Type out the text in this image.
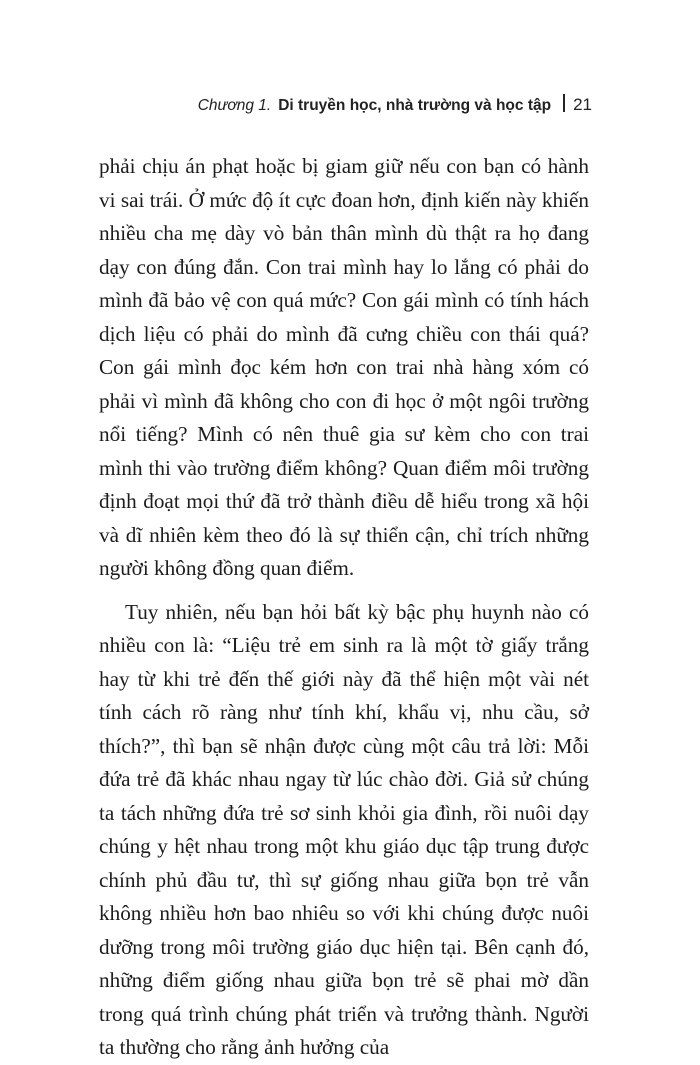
Chương 1. Di truyền học, nhà trường và học tập 21

phải chịu án phạt hoặc bị giam giữ nếu con bạn có hành vi sai trái. Ở mức độ ít cực đoan hơn, định kiến này khiến nhiều cha mẹ dày vò bản thân mình dù thật ra họ đang dạy con đúng đắn. Con trai mình hay lo lắng có phải do mình đã bảo vệ con quá mức? Con gái mình có tính hách dịch liệu có phải do mình đã cưng chiều con thái quá? Con gái mình đọc kém hơn con trai nhà hàng xóm có phải vì mình đã không cho con đi học ở một ngôi trường nổi tiếng? Mình có nên thuê gia sư kèm cho con trai mình thi vào trường điểm không? Quan điểm môi trường định đoạt mọi thứ đã trở thành điều dễ hiểu trong xã hội và dĩ nhiên kèm theo đó là sự thiển cận, chỉ trích những người không đồng quan điểm.

Tuy nhiên, nếu bạn hỏi bất kỳ bậc phụ huynh nào có nhiều con là: “Liệu trẻ em sinh ra là một tờ giấy trắng hay từ khi trẻ đến thế giới này đã thể hiện một vài nét tính cách rõ ràng như tính khí, khẩu vị, nhu cầu, sở thích?”, thì bạn sẽ nhận được cùng một câu trả lời: Mỗi đứa trẻ đã khác nhau ngay từ lúc chào đời. Giả sử chúng ta tách những đứa trẻ sơ sinh khỏi gia đình, rồi nuôi dạy chúng y hệt nhau trong một khu giáo dục tập trung được chính phủ đầu tư, thì sự giống nhau giữa bọn trẻ vẫn không nhiều hơn bao nhiêu so với khi chúng được nuôi dưỡng trong môi trường giáo dục hiện tại. Bên cạnh đó, những điểm giống nhau giữa bọn trẻ sẽ phai mờ dần trong quá trình chúng phát triển và trưởng thành. Người ta thường cho rằng ảnh hưởng của
